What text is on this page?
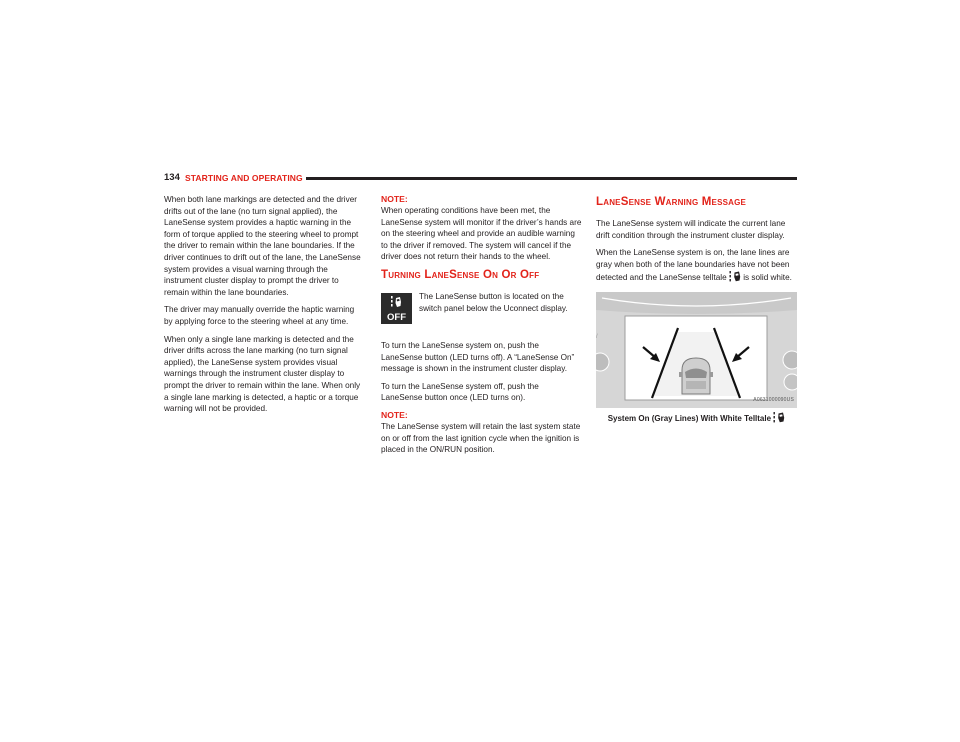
134 STARTING AND OPERATING

When both lane markings are detected and the driver drifts out of the lane (no turn signal applied), the LaneSense system provides a haptic warning in the form of torque applied to the steering wheel to prompt the driver to remain within the lane boundaries. If the driver continues to drift out of the lane, the LaneSense system provides a visual warning through the instrument cluster display to prompt the driver to remain within the lane boundaries.

The driver may manually override the haptic warning by applying force to the steering wheel at any time.

When only a single lane marking is detected and the driver drifts across the lane marking (no turn signal applied), the LaneSense system provides visual warnings through the instrument cluster display to prompt the driver to remain within the lane. When only a single lane marking is detected, a haptic or a torque warning will not be provided.

NOTE:

When operating conditions have been met, the LaneSense system will monitor if the driver’s hands are on the steering wheel and provide an audible warning to the driver if removed. The system will cancel if the driver does not return their hands to the wheel.

Turning LaneSense On Or Off
OFF
The LaneSense button is located on the switch panel below the Uconnect display.

To turn the LaneSense system on, push the LaneSense button (LED turns off). A “LaneSense On” message is shown in the instrument cluster display.

To turn the LaneSense system off, push the LaneSense button once (LED turns on).

NOTE:

The LaneSense system will retain the last system state on or off from the last ignition cycle when the ignition is placed in the ON/RUN position.

LaneSense Warning Message

The LaneSense system will indicate the current lane drift condition through the instrument cluster display.

When the LaneSense system is on, the lane lines are gray when both of the lane boundaries have not been detected and the LaneSense telltale is solid white.

/
A0631000090US
System On (Gray Lines) With White Telltale
